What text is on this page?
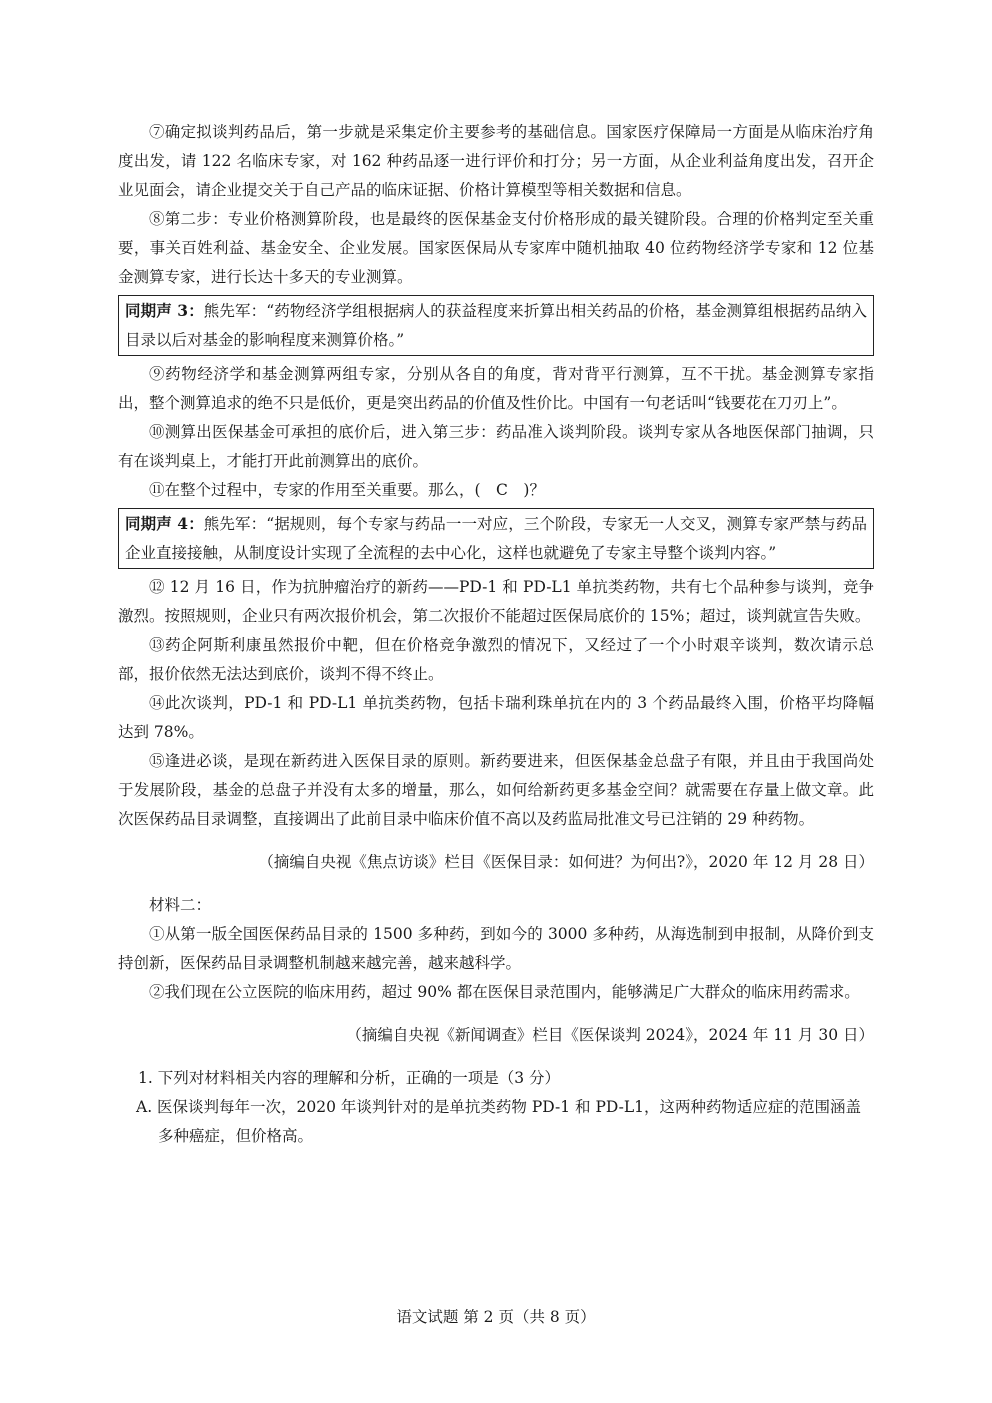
⑦确定拟谈判药品后，第一步就是采集定价主要参考的基础信息。国家医疗保障局一方面是从临床治疗角度出发，请 122 名临床专家，对 162 种药品逐一进行评价和打分；另一方面，从企业利益角度出发，召开企业见面会，请企业提交关于自己产品的临床证据、价格计算模型等相关数据和信息。

⑧第二步：专业价格测算阶段，也是最终的医保基金支付价格形成的最关键阶段。合理的价格判定至关重要，事关百姓利益、基金安全、企业发展。国家医保局从专家库中随机抽取 40 位药物经济学专家和 12 位基金测算专家，进行长达十多天的专业测算。

同期声 3：熊先军：“药物经济学组根据病人的获益程度来折算出相关药品的价格，基金测算组根据药品纳入目录以后对基金的影响程度来测算价格。”

⑨药物经济学和基金测算两组专家，分别从各自的角度，背对背平行测算，互不干扰。基金测算专家指出，整个测算追求的绝不只是低价，更是突出药品的价值及性价比。中国有一句老话叫“钱要花在刀刃上”。

⑩测算出医保基金可承担的底价后，进入第三步：药品准入谈判阶段。谈判专家从各地医保部门抽调，只有在谈判桌上，才能打开此前测算出的底价。

⑪在整个过程中，专家的作用至关重要。那么，(　C　)？

同期声 4：熊先军：“据规则，每个专家与药品一一对应，三个阶段，专家无一人交叉，测算专家严禁与药品企业直接接触，从制度设计实现了全流程的去中心化，这样也就避免了专家主导整个谈判内容。”

⑫ 12 月 16 日，作为抗肿瘤治疗的新药——PD-1 和 PD-L1 单抗类药物，共有七个品种参与谈判，竞争激烈。按照规则，企业只有两次报价机会，第二次报价不能超过医保局底价的 15%；超过，谈判就宣告失败。

⑬药企阿斯利康虽然报价中靶，但在价格竞争激烈的情况下，又经过了一个小时艰辛谈判，数次请示总部，报价依然无法达到底价，谈判不得不终止。

⑭此次谈判，PD-1 和 PD-L1 单抗类药物，包括卡瑞利珠单抗在内的 3 个药品最终入围，价格平均降幅达到 78%。

⑮逢进必谈，是现在新药进入医保目录的原则。新药要进来，但医保基金总盘子有限，并且由于我国尚处于发展阶段，基金的总盘子并没有太多的增量，那么，如何给新药更多基金空间？就需要在存量上做文章。此次医保药品目录调整，直接调出了此前目录中临床价值不高以及药监局批准文号已注销的 29 种药物。

（摘编自央视《焦点访谈》栏目《医保目录：如何进？为何出?》，2020 年 12 月 28 日）

材料二：

①从第一版全国医保药品目录的 1500 多种药，到如今的 3000 多种药，从海选制到申报制，从降价到支持创新，医保药品目录调整机制越来越完善，越来越科学。

②我们现在公立医院的临床用药，超过 90% 都在医保目录范围内，能够满足广大群众的临床用药需求。

（摘编自央视《新闻调查》栏目《医保谈判 2024》，2024 年 11 月 30 日）

1. 下列对材料相关内容的理解和分析，正确的一项是（3 分）

A. 医保谈判每年一次，2020 年谈判针对的是单抗类药物 PD-1 和 PD-L1，这两种药物适应症的范围涵盖多种癌症，但价格高。

语文试题 第 2 页（共 8 页）
